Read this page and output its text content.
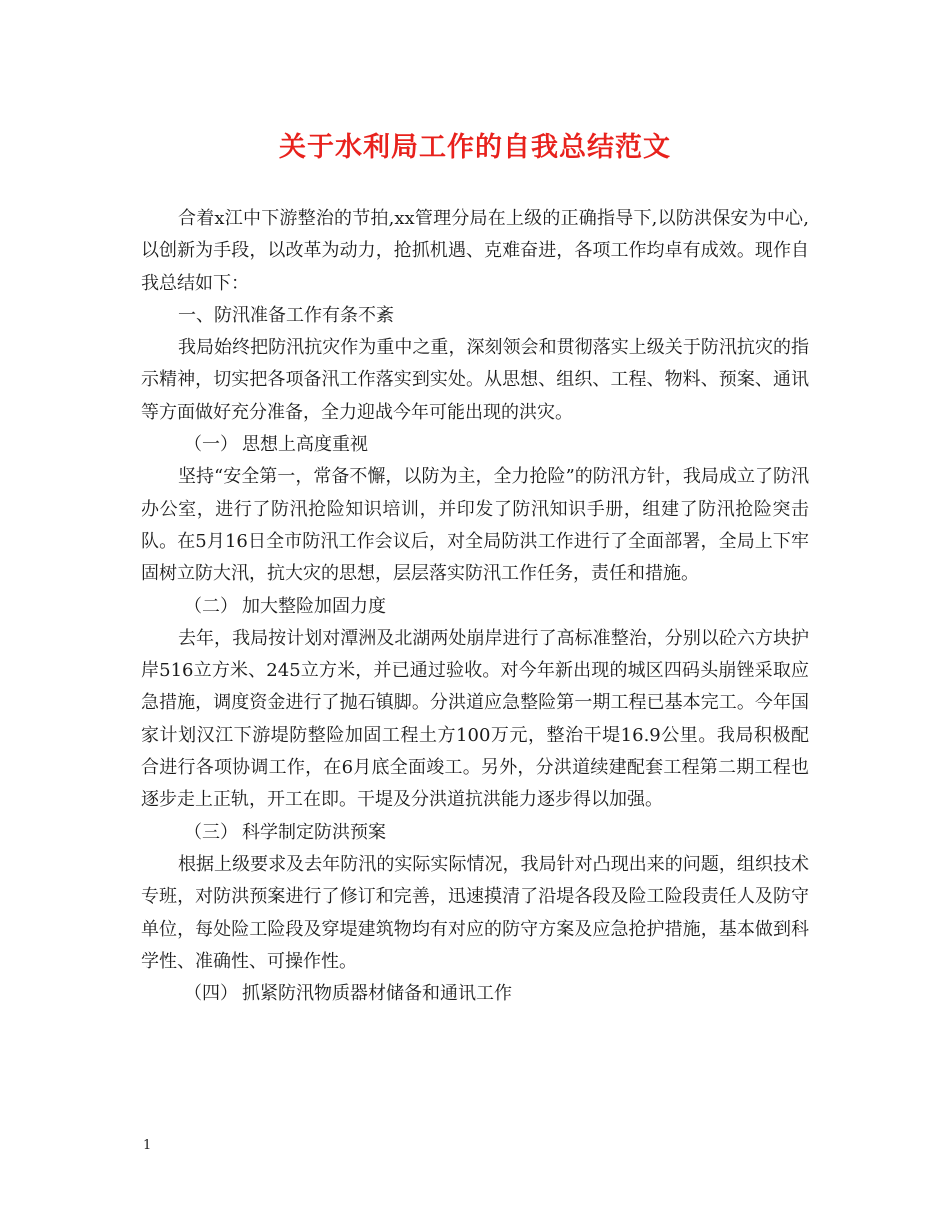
关于水利局工作的自我总结范文

合着x江中下游整治的节拍,xx管理分局在上级的正确指导下,以防洪保安为中心,以创新为手段，以改革为动力，抢抓机遇、克难奋进，各项工作均卓有成效。现作自我总结如下：

一、防汛准备工作有条不紊

我局始终把防汛抗灾作为重中之重，深刻领会和贯彻落实上级关于防汛抗灾的指示精神，切实把各项备汛工作落实到实处。从思想、组织、工程、物料、预案、通讯等方面做好充分准备，全力迎战今年可能出现的洪灾。

（一） 思想上高度重视

坚持“安全第一，常备不懈，以防为主，全力抢险”的防汛方针，我局成立了防汛办公室，进行了防汛抢险知识培训，并印发了防汛知识手册，组建了防汛抢险突击队。在5月16日全市防汛工作会议后，对全局防洪工作进行了全面部署，全局上下牢固树立防大汛，抗大灾的思想，层层落实防汛工作任务，责任和措施。

（二） 加大整险加固力度

去年，我局按计划对潭洲及北湖两处崩岸进行了高标准整治，分别以砼六方块护岸516立方米、245立方米，并已通过验收。对今年新出现的城区四码头崩锉采取应急措施，调度资金进行了抛石镇脚。分洪道应急整险第一期工程已基本完工。今年国家计划汉江下游堤防整险加固工程土方100万元，整治干堤16.9公里。我局积极配合进行各项协调工作，在6月底全面竣工。另外，分洪道续建配套工程第二期工程也逐步走上正轨，开工在即。干堤及分洪道抗洪能力逐步得以加强。

（三） 科学制定防洪预案

根据上级要求及去年防汛的实际实际情况，我局针对凸现出来的问题，组织技术专班，对防洪预案进行了修订和完善，迅速摸清了沿堤各段及险工险段责任人及防守单位，每处险工险段及穿堤建筑物均有对应的防守方案及应急抢护措施，基本做到科学性、准确性、可操作性。

（四） 抓紧防汛物质器材储备和通讯工作

1
